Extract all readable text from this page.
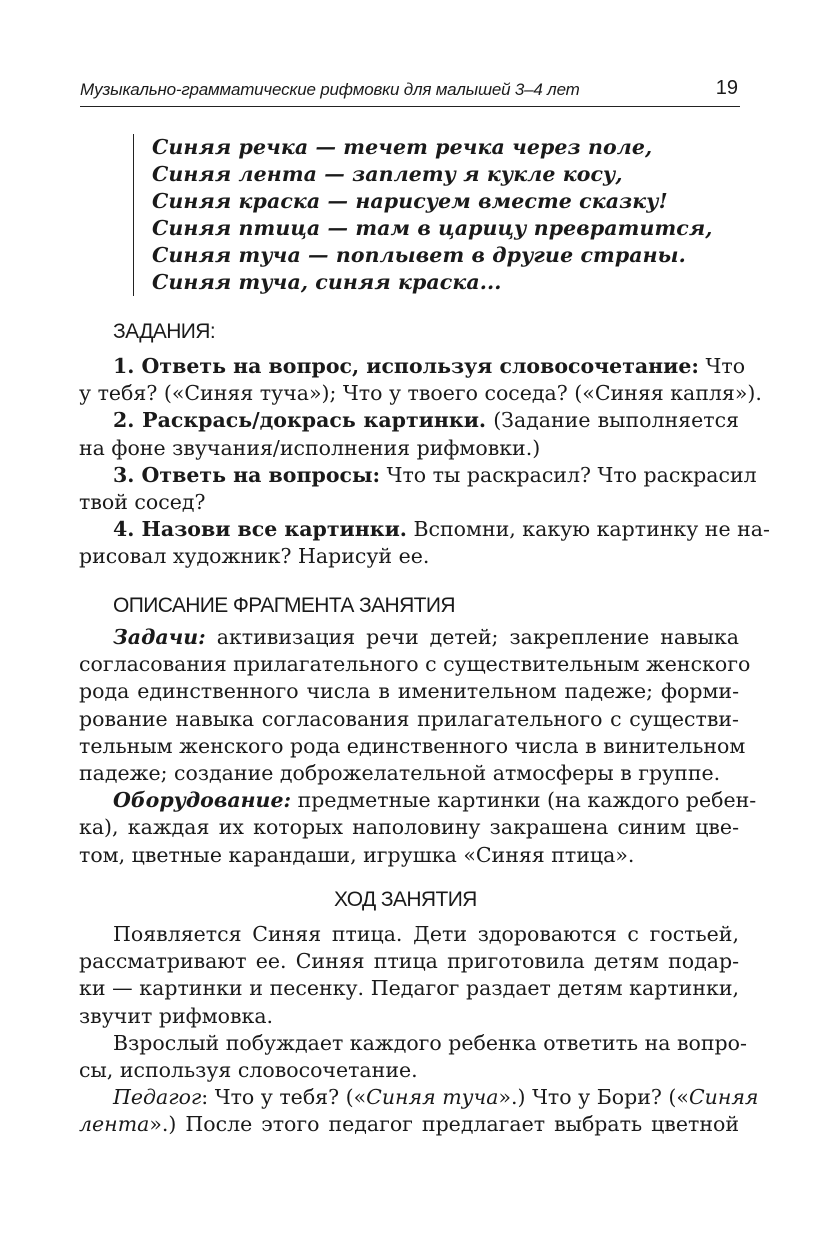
Музыкально-грамматические рифмовки для малышей 3–4 лет	19
Синяя речка — течет речка через поле,
Синяя лента — заплету я кукле косу,
Синяя краска — нарисуем вместе сказку!
Синяя птица — там в царицу превратится,
Синяя туча — поплывет в другие страны.
Синяя туча, синяя краска...
ЗАДАНИЯ:
1. Ответь на вопрос, используя словосочетание: Что
у тебя? («Синяя туча»); Что у твоего соседа? («Синяя капля»).
2. Раскрась/докрась картинки. (Задание выполняется
на фоне звучания/исполнения рифмовки.)
3. Ответь на вопросы: Что ты раскрасил? Что раскрасил
твой сосед?
4. Назови все картинки. Вспомни, какую картинку не на-
рисовал художник? Нарисуй ее.
ОПИСАНИЕ ФРАГМЕНТА ЗАНЯТИЯ
Задачи: активизация речи детей; закрепление навыка
согласования прилагательного с существительным женского
рода единственного числа в именительном падеже; форми-
рование навыка согласования прилагательного с существи-
тельным женского рода единственного числа в винительном
падеже; создание доброжелательной атмосферы в группе.
Оборудование: предметные картинки (на каждого ребен-
ка), каждая их которых наполовину закрашена синим цве-
том, цветные карандаши, игрушка «Синяя птица».
ХОД ЗАНЯТИЯ
Появляется Синяя птица. Дети здороваются с гостьей,
рассматривают ее. Синяя птица приготовила детям подар-
ки — картинки и песенку. Педагог раздает детям картинки,
звучит рифмовка.
Взрослый побуждает каждого ребенка ответить на вопро-
сы, используя словосочетание.
Педагог: Что у тебя? («Синяя туча».) Что у Бори? («Синяя
лента».) После этого педагог предлагает выбрать цветной
